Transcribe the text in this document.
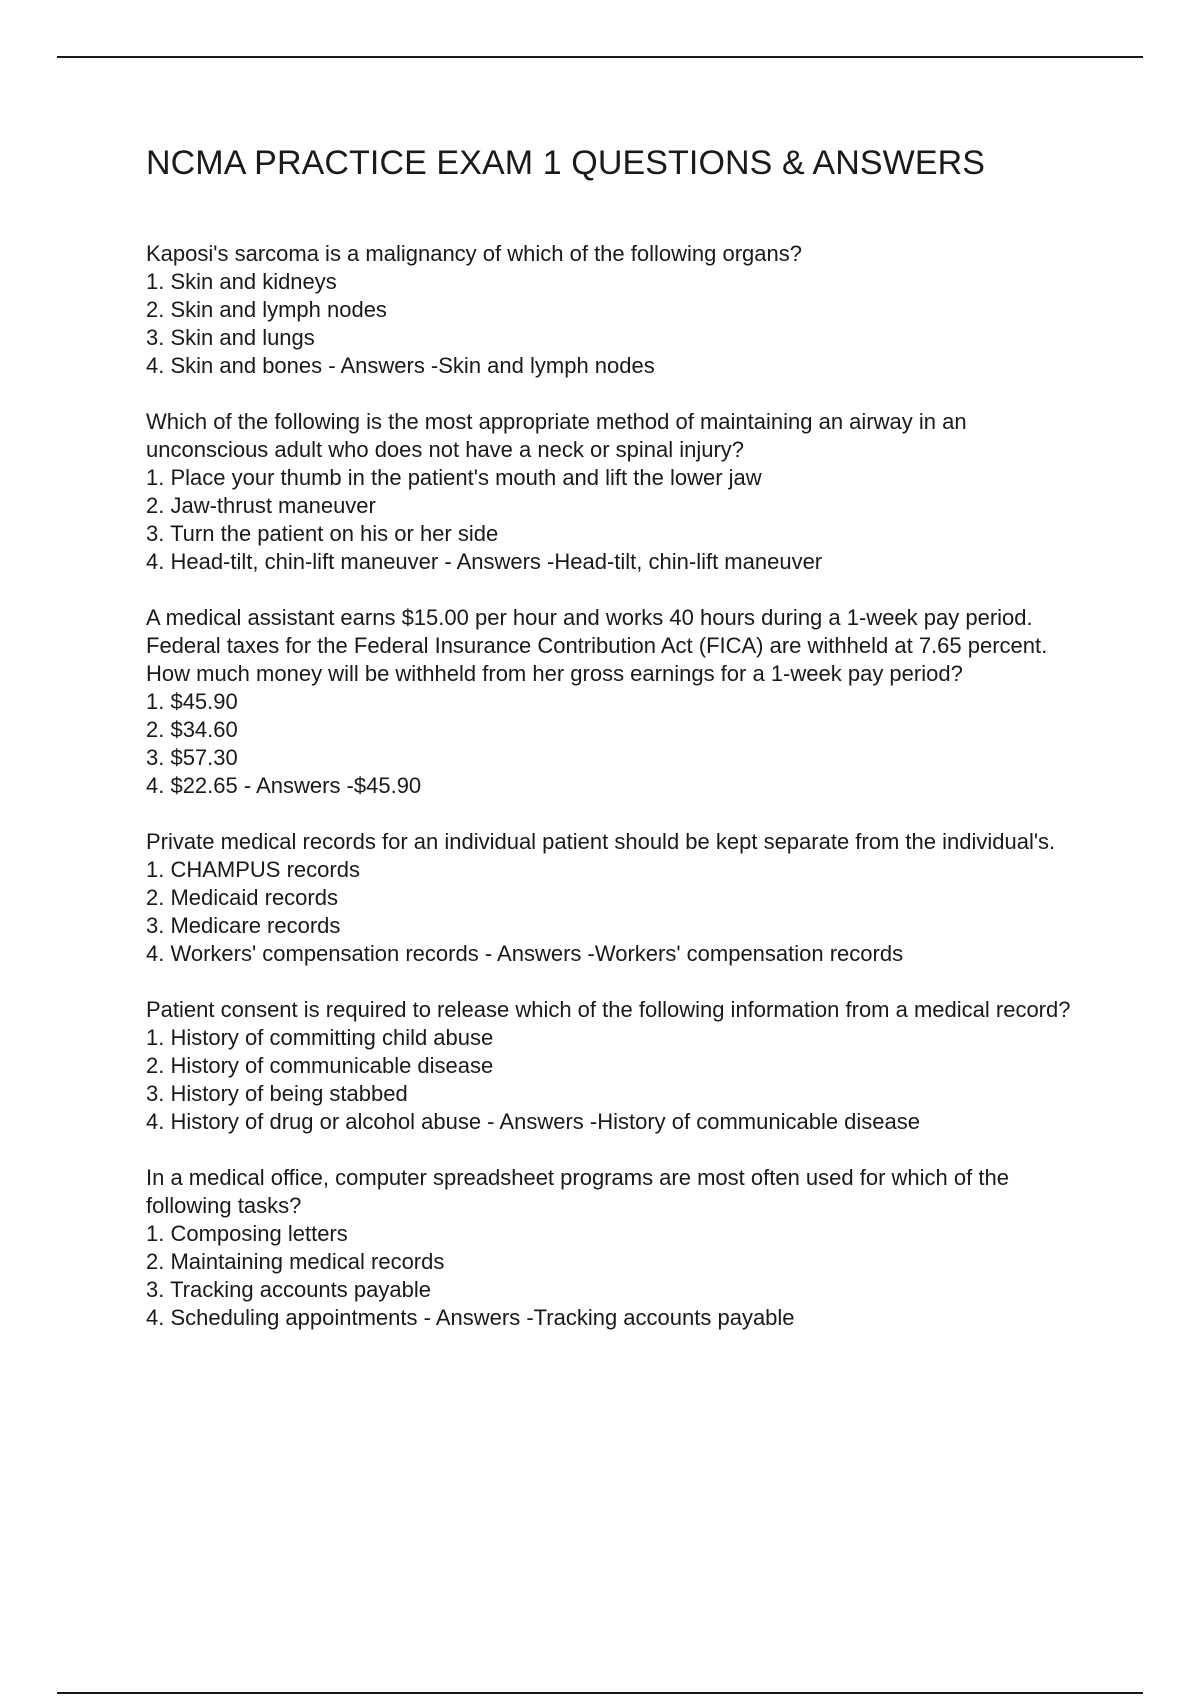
NCMA PRACTICE EXAM 1 QUESTIONS & ANSWERS
Kaposi's sarcoma is a malignancy of which of the following organs?
1. Skin and kidneys
2. Skin and lymph nodes
3. Skin and lungs
4. Skin and bones - Answers -Skin and lymph nodes
Which of the following is the most appropriate method of maintaining an airway in an unconscious adult who does not have a neck or spinal injury?
1. Place your thumb in the patient's mouth and lift the lower jaw
2. Jaw-thrust maneuver
3. Turn the patient on his or her side
4. Head-tilt, chin-lift maneuver - Answers -Head-tilt, chin-lift maneuver
A medical assistant earns $15.00 per hour and works 40 hours during a 1-week pay period. Federal taxes for the Federal Insurance Contribution Act (FICA) are withheld at 7.65 percent. How much money will be withheld from her gross earnings for a 1-week pay period?
1. $45.90
2. $34.60
3. $57.30
4. $22.65 - Answers -$45.90
Private medical records for an individual patient should be kept separate from the individual's.
1. CHAMPUS records
2. Medicaid records
3. Medicare records
4. Workers' compensation records - Answers -Workers' compensation records
Patient consent is required to release which of the following information from a medical record?
1. History of committing child abuse
2. History of communicable disease
3. History of being stabbed
4. History of drug or alcohol abuse - Answers -History of communicable disease
In a medical office, computer spreadsheet programs are most often used for which of the following tasks?
1. Composing letters
2. Maintaining medical records
3. Tracking accounts payable
4. Scheduling appointments - Answers -Tracking accounts payable
